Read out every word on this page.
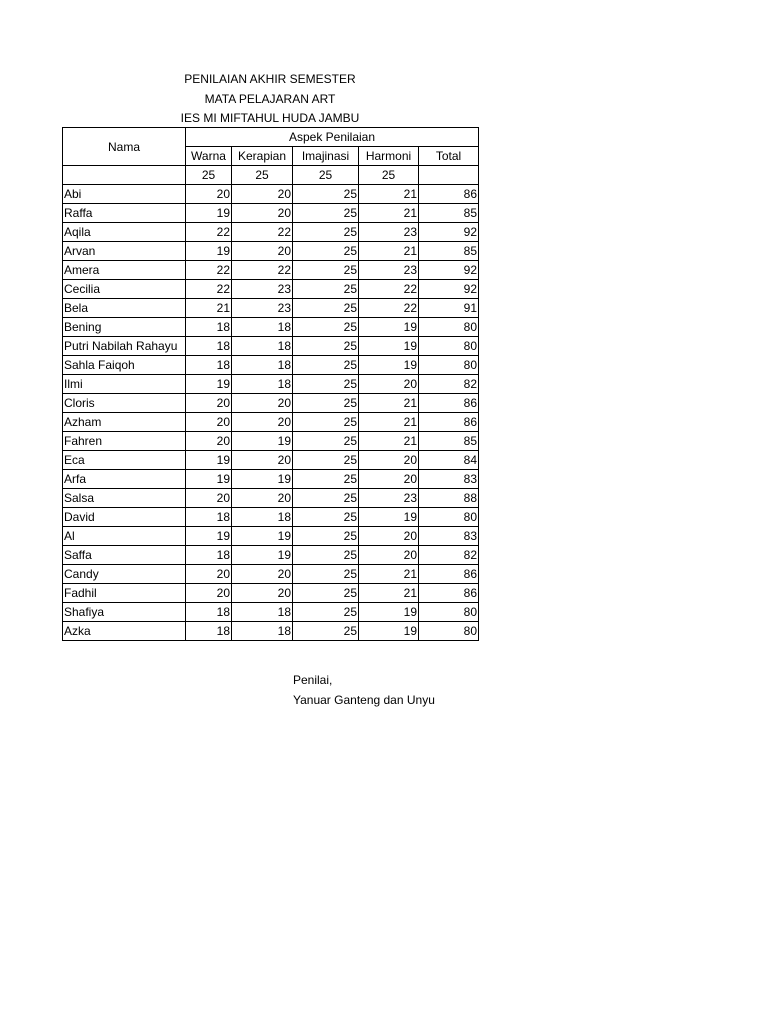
PENILAIAN AKHIR SEMESTER
MATA PELAJARAN ART
IES MI MIFTAHUL HUDA JAMBU
Nama	Aspek Penilaian				
	Warna	Kerapian	Imajinasi	Harmoni	Total
	25	25	25	25	
Abi	20	20	25	21	86
Raffa	19	20	25	21	85
Aqila	22	22	25	23	92
Arvan	19	20	25	21	85
Amera	22	22	25	23	92
Cecilia	22	23	25	22	92
Bela	21	23	25	22	91
Bening	18	18	25	19	80
Putri Nabilah Rahayu	18	18	25	19	80
Sahla Faiqoh	18	18	25	19	80
Ilmi	19	18	25	20	82
Cloris	20	20	25	21	86
Azham	20	20	25	21	86
Fahren	20	19	25	21	85
Eca	19	20	25	20	84
Arfa	19	19	25	20	83
Salsa	20	20	25	23	88
David	18	18	25	19	80
Al	19	19	25	20	83
Saffa	18	19	25	20	82
Candy	20	20	25	21	86
Fadhil	20	20	25	21	86
Shafiya	18	18	25	19	80
Azka	18	18	25	19	80
Penilai,
Yanuar Ganteng dan Unyu
